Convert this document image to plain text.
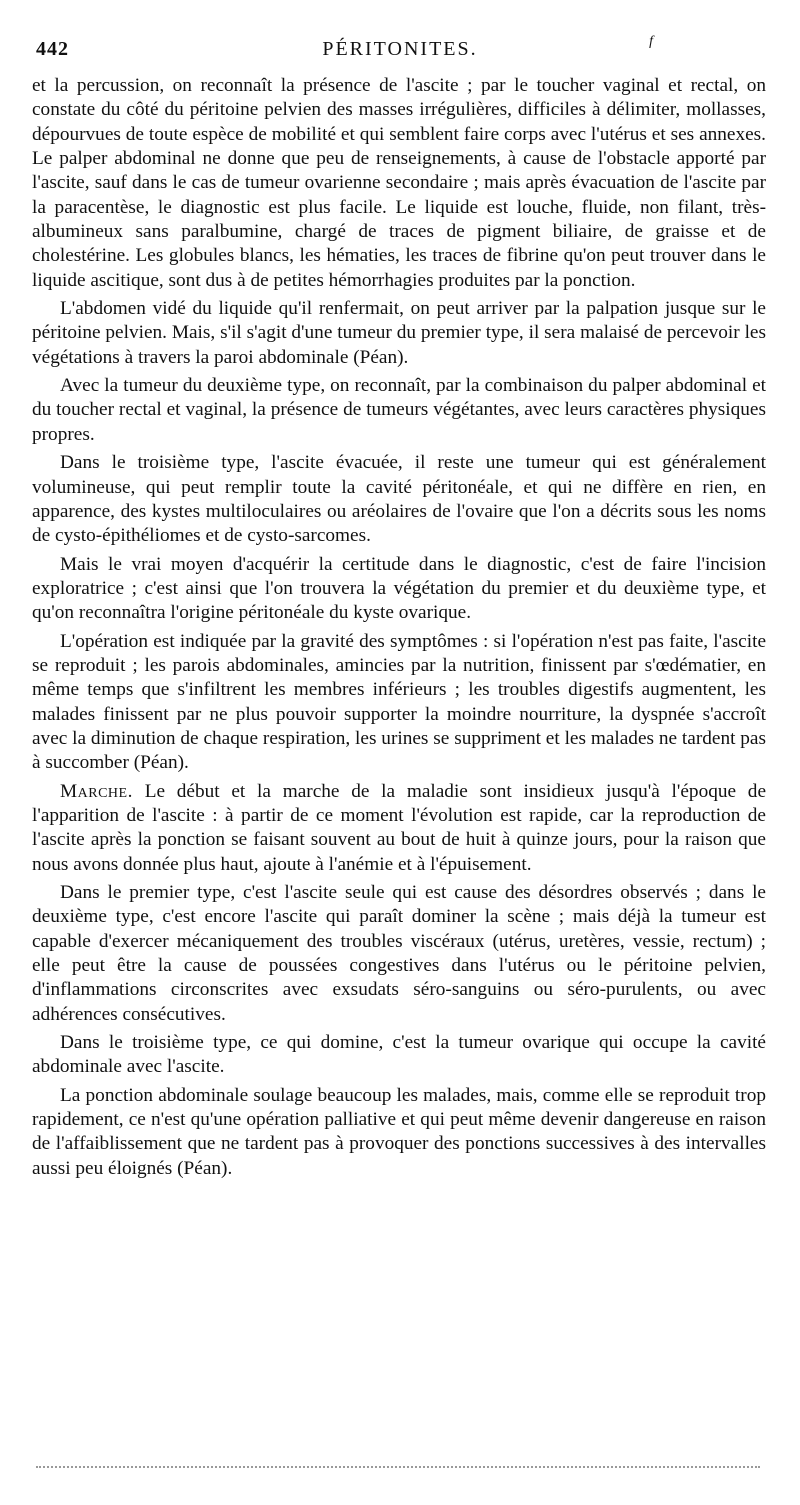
442	PÉRITONITES.	f

et la percussion, on reconnaît la présence de l'ascite ; par le toucher vaginal et rectal, on constate du côté du péritoine pelvien des masses irrégulières, difficiles à délimiter, mollasses, dépourvues de toute espèce de mobilité et qui semblent faire corps avec l'utérus et ses annexes. Le palper abdominal ne donne que peu de renseignements, à cause de l'obstacle apporté par l'ascite, sauf dans le cas de tumeur ovarienne secondaire ; mais après évacuation de l'ascite par la paracentèse, le diagnostic est plus facile. Le liquide est louche, fluide, non filant, très-albumineux sans paralbumine, chargé de traces de pigment biliaire, de graisse et de cholestérine. Les globules blancs, les hématies, les traces de fibrine qu'on peut trouver dans le liquide ascitique, sont dus à de petites hémorrhagies produites par la ponction.

L'abdomen vidé du liquide qu'il renfermait, on peut arriver par la palpation jusque sur le péritoine pelvien. Mais, s'il s'agit d'une tumeur du premier type, il sera malaisé de percevoir les végétations à travers la paroi abdominale (Péan).

Avec la tumeur du deuxième type, on reconnaît, par la combinaison du palper abdominal et du toucher rectal et vaginal, la présence de tumeurs végétantes, avec leurs caractères physiques propres.

Dans le troisième type, l'ascite évacuée, il reste une tumeur qui est généralement volumineuse, qui peut remplir toute la cavité péritonéale, et qui ne diffère en rien, en apparence, des kystes multiloculaires ou aréolaires de l'ovaire que l'on a décrits sous les noms de cysto-épithéliomes et de cysto-sarcomes.

Mais le vrai moyen d'acquérir la certitude dans le diagnostic, c'est de faire l'incision exploratrice ; c'est ainsi que l'on trouvera la végétation du premier et du deuxième type, et qu'on reconnaîtra l'origine péritonéale du kyste ovarique.

L'opération est indiquée par la gravité des symptômes : si l'opération n'est pas faite, l'ascite se reproduit ; les parois abdominales, amincies par la nutrition, finissent par s'œdématier, en même temps que s'infiltrent les membres inférieurs ; les troubles digestifs augmentent, les malades finissent par ne plus pouvoir supporter la moindre nourriture, la dyspnée s'accroît avec la diminution de chaque respiration, les urines se suppriment et les malades ne tardent pas à succomber (Péan).

Marche. Le début et la marche de la maladie sont insidieux jusqu'à l'époque de l'apparition de l'ascite : à partir de ce moment l'évolution est rapide, car la reproduction de l'ascite après la ponction se faisant souvent au bout de huit à quinze jours, pour la raison que nous avons donnée plus haut, ajoute à l'anémie et à l'épuisement.

Dans le premier type, c'est l'ascite seule qui est cause des désordres observés ; dans le deuxième type, c'est encore l'ascite qui paraît dominer la scène ; mais déjà la tumeur est capable d'exercer mécaniquement des troubles viscéraux (utérus, uretères, vessie, rectum) ; elle peut être la cause de poussées congestives dans l'utérus ou le péritoine pelvien, d'inflammations circonscrites avec exsudats séro-sanguins ou séro-purulents, ou avec adhérences consécutives.

Dans le troisième type, ce qui domine, c'est la tumeur ovarique qui occupe la cavité abdominale avec l'ascite.

La ponction abdominale soulage beaucoup les malades, mais, comme elle se reproduit trop rapidement, ce n'est qu'une opération palliative et qui peut même devenir dangereuse en raison de l'affaiblissement que ne tardent pas à provoquer des ponctions successives à des intervalles aussi peu éloignés (Péan).
